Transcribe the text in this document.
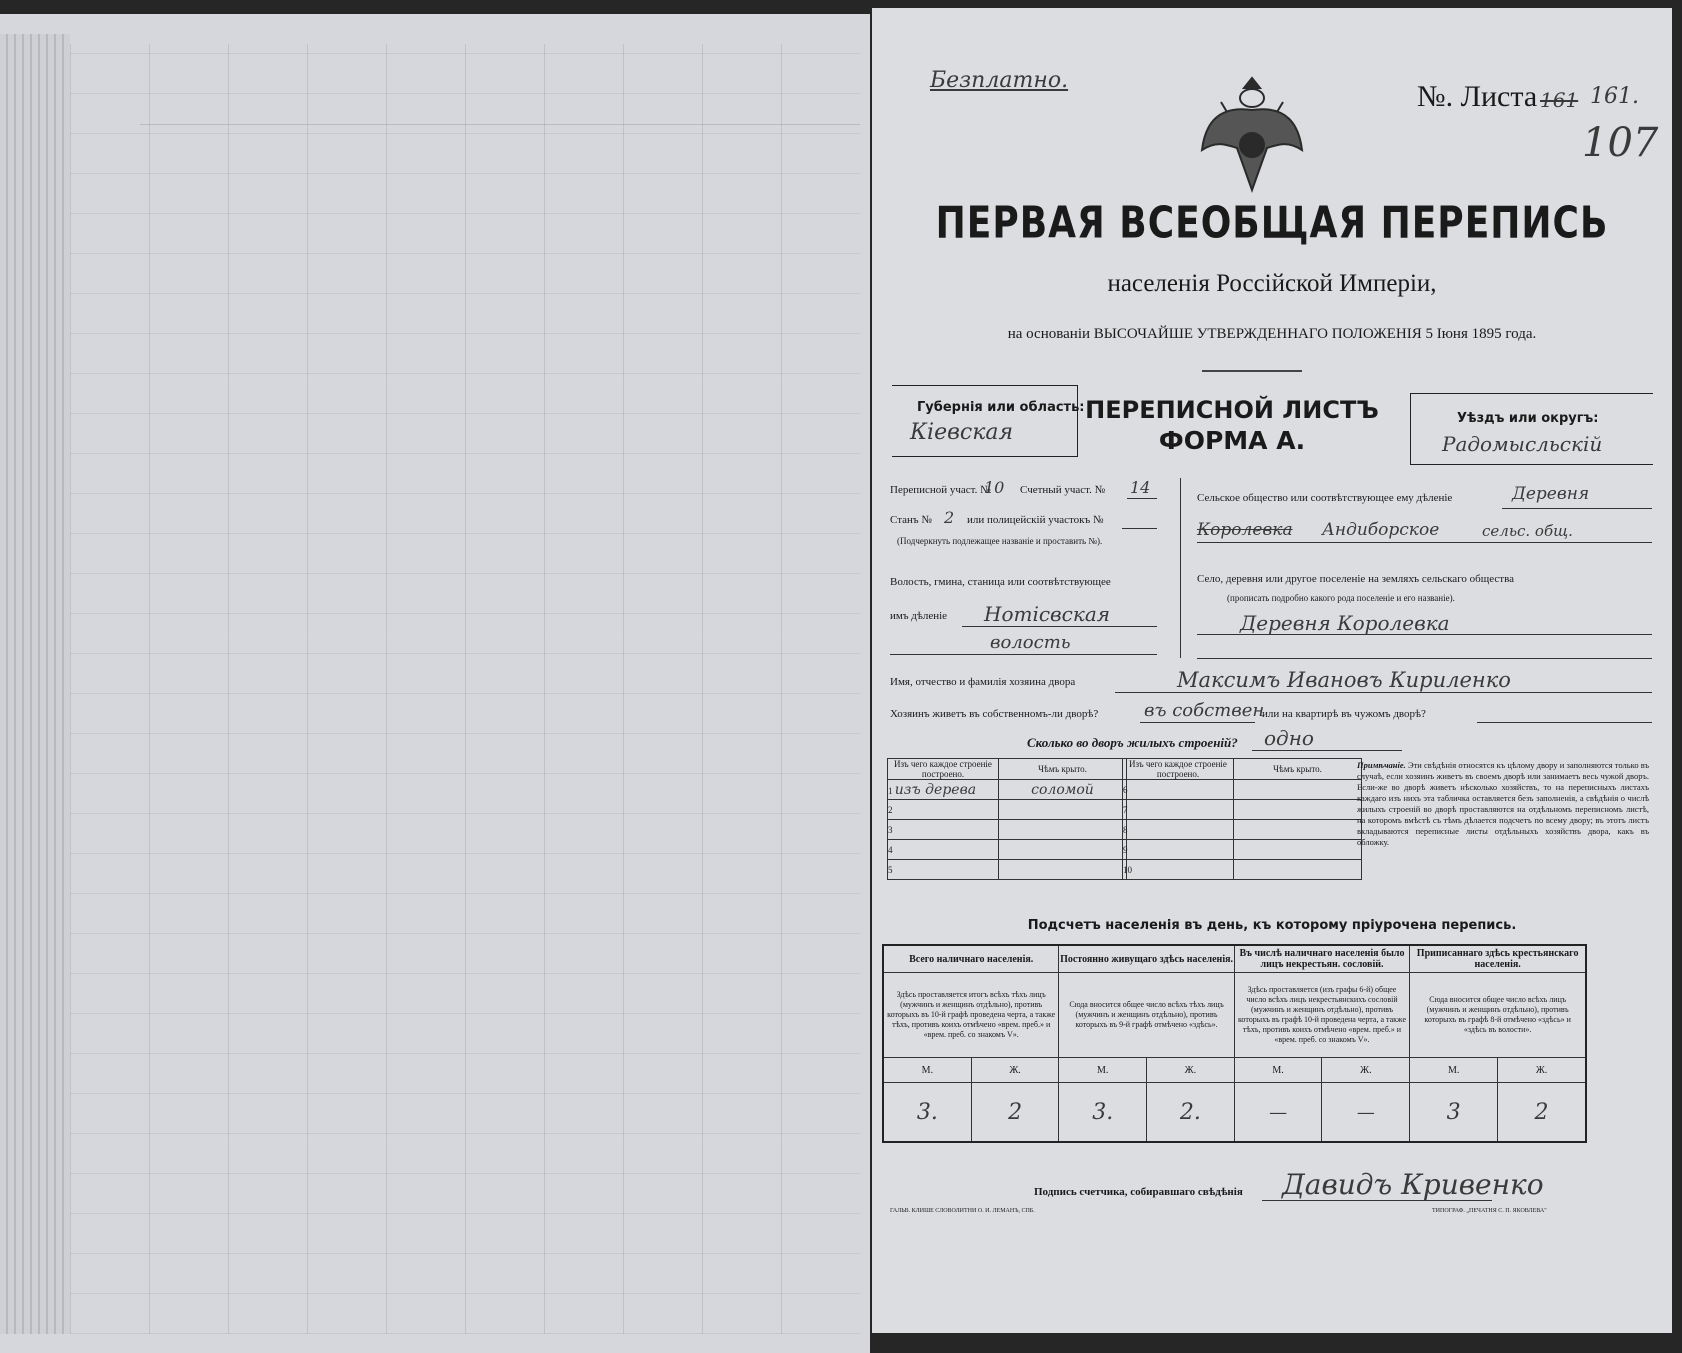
Безплатно.	№. Листа 161 161.
107
ПЕРВАЯ ВСЕОБЩАЯ ПЕРЕПИСЬ
населенія Россійской Имперіи,
на основаніи ВЫСОЧАЙШЕ УТВЕРЖДЕННАГО ПОЛОЖЕНІЯ 5 Іюня 1895 года.
Губернія или область:
Кіевская
ПЕРЕПИСНОЙ ЛИСТЪ
ФОРМА А.
Уѣздъ или округъ:
Радомысльскій
Переписной участ. №
10 Счетный участ. № 14
Станъ № 2 или полицейскій участокъ №
(Подчеркнуть подлежащее названіе и проставить №).
Волость, гмина, станица или соотвѣтствующее
имъ дѣленіе Нотісвская
волость
Сельское общество или соотвѣтствующее ему дѣленіе	Деревня
Королевка Андиборское	сельс. общ.
Село, деревня или другое поселеніе на земляхъ сельскаго общества
(прописать подробно какого рода поселеніе и его названіе).
Деревня Королевка
Имя, отчество и фамилія хозяина двора	Максимъ Ивановъ Кириленко
Хозяинъ живетъ въ собственномъ-ли дворѣ?	въ собствен
или на квартирѣ въ чужомъ дворѣ?
Сколько во дворъ жилыхъ строеній? одно
Изъ чего каждое строеніе построено.	Чѣмъ крыто.
1 изъ дерева	соломой
2	
3	
4	
5	
Изъ чего каждое строеніе построено.	Чѣмъ крыто.
6	
7	
8	
9	
10	
Примѣчаніе. Эти свѣдѣнія относятся къ цѣлому двору и заполняются только въ случаѣ, если хозяинъ живетъ въ своемъ дворѣ или занимаетъ весь чужой дворъ. Если-же во дворѣ живетъ нѣсколько хозяйствъ, то на переписныхъ листахъ каждаго изъ нихъ эта табличка оставляется безъ заполненія, а свѣдѣнія о числѣ жилыхъ строеній во дворѣ проставляются на отдѣльномъ переписномъ листѣ, на которомъ вмѣстѣ съ тѣмъ дѣлается подсчетъ по всему двору; въ этотъ листъ вкладываются переписные листы отдѣльныхъ хозяйствъ двора, какъ въ обложку.
Подсчетъ населенія въ день, къ которому пріурочена перепись.
Всего наличнаго населенія.		Постоянно живущаго здѣсь населенія.		Въ числѣ наличнаго населенія было лицъ некрестьян. сословій.		Приписаннаго здѣсь крестьянскаго населенія.	
Здѣсь проставляется итогъ всѣхъ тѣхъ лицъ (мужчинъ и женщинъ отдѣльно), противъ которыхъ въ 10-й графѣ проведена черта, а также тѣхъ, противъ коихъ отмѣчено «врем. преб.» и «врем. преб. со знакомъ V».		Сюда вносится общее число всѣхъ тѣхъ лицъ (мужчинъ и женщинъ отдѣльно), противъ которыхъ въ 9-й графѣ отмѣчено «здѣсь».		Здѣсь проставляется (изъ графы 6-й) общее число всѣхъ лицъ некрестьянскихъ сословій (мужчинъ и женщинъ отдѣльно), противъ которыхъ въ графѣ 10-й проведена черта, а также тѣхъ, противъ коихъ отмѣчено «врем. преб.» и «врем. преб. со знакомъ V».		Сюда вносится общее число всѣхъ лицъ (мужчинъ и женщинъ отдѣльно), противъ которыхъ въ графѣ 8-й отмѣчено «здѣсь» и «здѣсь въ волости».	
М.	Ж.	М.	Ж.	М.	Ж.	М.	Ж.
3.	2	3.	2.	—	—	3	2
Подпись счетчика, собиравшаго свѣдѣнія Давидъ Кривенко
ГАЛЬВ. КЛИШЕ СЛОВОЛИТНИ О. И. ЛЕМАНЪ, СПБ.	ТИПОГРАФ. „ПЕЧАТНЯ С. П. ЯКОВЛЕВА"
